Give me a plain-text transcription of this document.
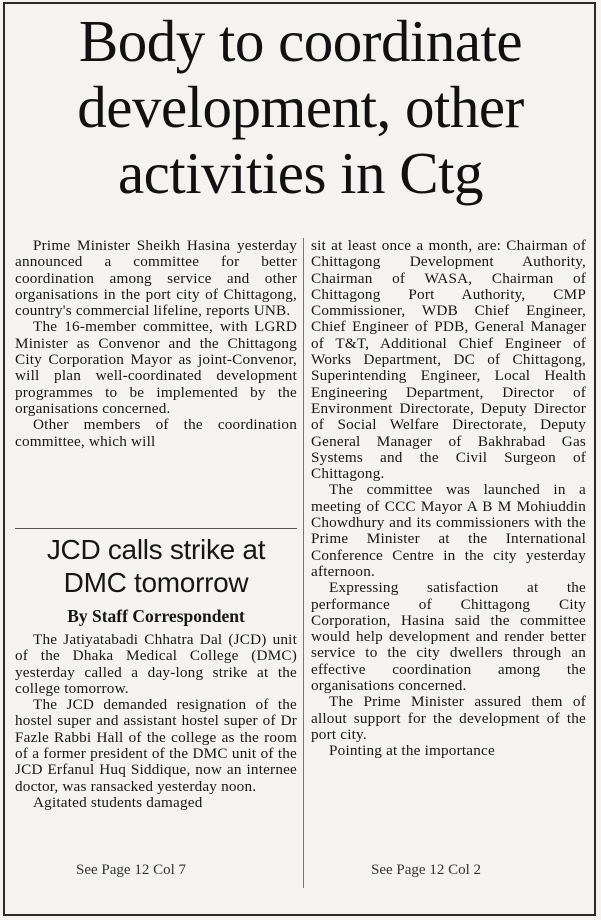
Body to coordinate
development, other
activities in Ctg

Prime Minister Sheikh Hasina yesterday announced a committee for better coordination among service and other organisations in the port city of Chittagong, country's commercial lifeline, reports UNB.

The 16-member committee, with LGRD Minister as Convenor and the Chittagong City Corporation Mayor as joint-Convenor, will plan well-coordinated development programmes to be implemented by the organisations concerned.

Other members of the coordination committee, which will

JCD calls strike at
DMC tomorrow
By Staff Correspondent

The Jatiyatabadi Chhatra Dal (JCD) unit of the Dhaka Medical College (DMC) yesterday called a day-long strike at the college tomorrow.

The JCD demanded resignation of the hostel super and assistant hostel super of Dr Fazle Rabbi Hall of the college as the room of a former president of the DMC unit of the JCD Erfanul Huq Siddique, now an internee doctor, was ransacked yesterday noon.

Agitated students damaged

sit at least once a month, are: Chairman of Chittagong Development Authority, Chairman of WASA, Chairman of Chittagong Port Authority, CMP Commissioner, WDB Chief Engineer, Chief Engineer of PDB, General Manager of T&T, Additional Chief Engineer of Works Department, DC of Chittagong, Superintending Engineer, Local Health Engineering Department, Director of Environment Directorate, Deputy Director of Social Welfare Directorate, Deputy General Manager of Bakhrabad Gas Systems and the Civil Surgeon of Chittagong.

The committee was launched in a meeting of CCC Mayor A B M Mohiuddin Chowdhury and its commissioners with the Prime Minister at the International Conference Centre in the city yesterday afternoon.

Expressing satisfaction at the performance of Chittagong City Corporation, Hasina said the committee would help development and render better service to the city dwellers through an effective coordination among the organisations concerned.

The Prime Minister assured them of allout support for the development of the port city.

Pointing at the importance

See Page 12 Col 7	See Page 12 Col 2
